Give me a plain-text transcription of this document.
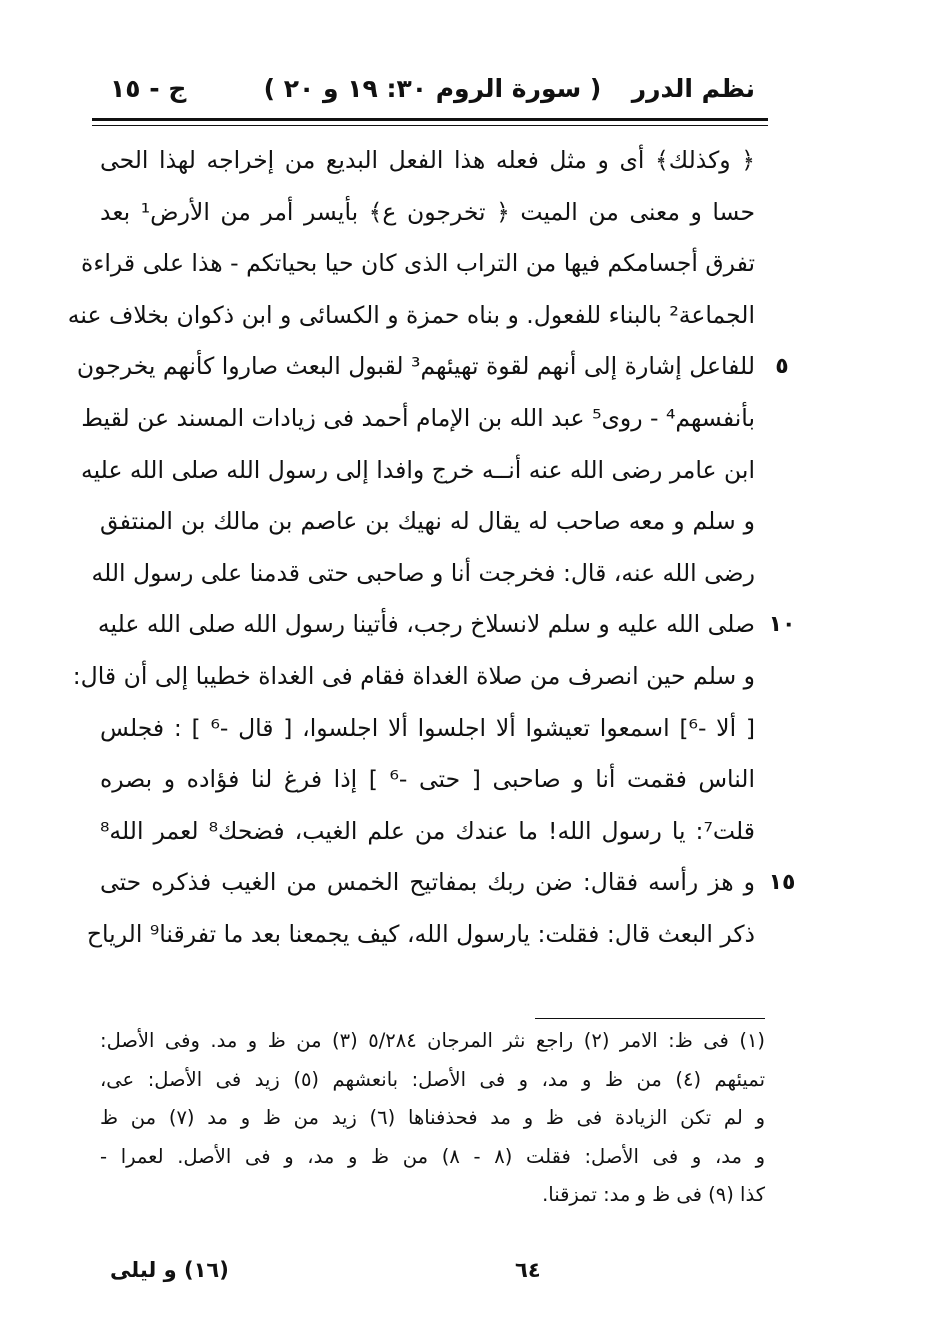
نظم الدرر
( سورة الروم ٣٠: ١٩ و ٢٠ )
ج - ١٥
﴿ وكذلك﴾ أى و مثل فعله هذا الفعل البديع من إخراجه لهذا الحى
حسا و معنى من الميت ﴿ تخرجون ع﴾ بأيسر أمر من الأرض¹ بعد
تفرق أجسامكم فيها من التراب الذى كان حيا بحياتكم - هذا على قراءة
الجماعة² بالبناء للفعول. و بناه حمزة و الكسائى و ابن ذكوان بخلاف عنه
للفاعل إشارة إلى أنهم لقوة تهيئهم³ لقبول البعث صاروا كأنهم يخرجون ٥
بأنفسهم⁴ - روى⁵ عبد الله بن الإمام أحمد فى زيادات المسند عن لقيط
ابن عامر رضى الله عنه أنــه خرج وافدا إلى رسول الله صلى الله عليه
و سلم و معه صاحب له يقال له نهيك بن عاصم بن مالك بن المنتفق
رضى الله عنه، قال: فخرجت أنا و صاحبى حتى قدمنا على رسول الله
صلى الله عليه و سلم لانسلاخ رجب، فأتينا رسول الله صلى الله عليه ١٠
و سلم حين انصرف من صلاة الغداة فقام فى الغداة خطيبا إلى أن قال:
[ ألا -⁶] اسمعوا تعيشوا ألا اجلسوا ألا اجلسوا، [ قال -⁶ ] : فجلس
الناس فقمت أنا و صاحبى [ حتى -⁶ ] إذا فرغ لنا فؤاده و بصره
قلت⁷: يا رسول الله! ما عندك من علم الغيب، فضحك⁸ لعمر الله⁸
و هز رأسه فقال: ضن ربك بمفاتيح الخمس من الغيب فذكره حتى ١٥
ذكر البعث قال: فقلت: يارسول الله، كيف يجمعنا بعد ما تفرقنا⁹ الرياح
(١) فى ظ: الامر (٢) راجع نثر المرجان ٥/٢٨٤ (٣) من ظ و مد. وفى الأصل:
تميئهم (٤) من ظ و مد، و فى الأصل: بانعشهم (٥) زيد فى الأصل: عى،
و لم تكن الزيادة فى ظ و مد فحذفناها (٦) زيد من ظ و مد (٧) من ظ
و مد، و فى الأصل: فقلت (٨ - ٨) من ظ و مد، و فى الأصل. لعمرا -
كذا (٩) فى ظ و مد: تمزقنا.
٦٤
(١٦) و ليلى
